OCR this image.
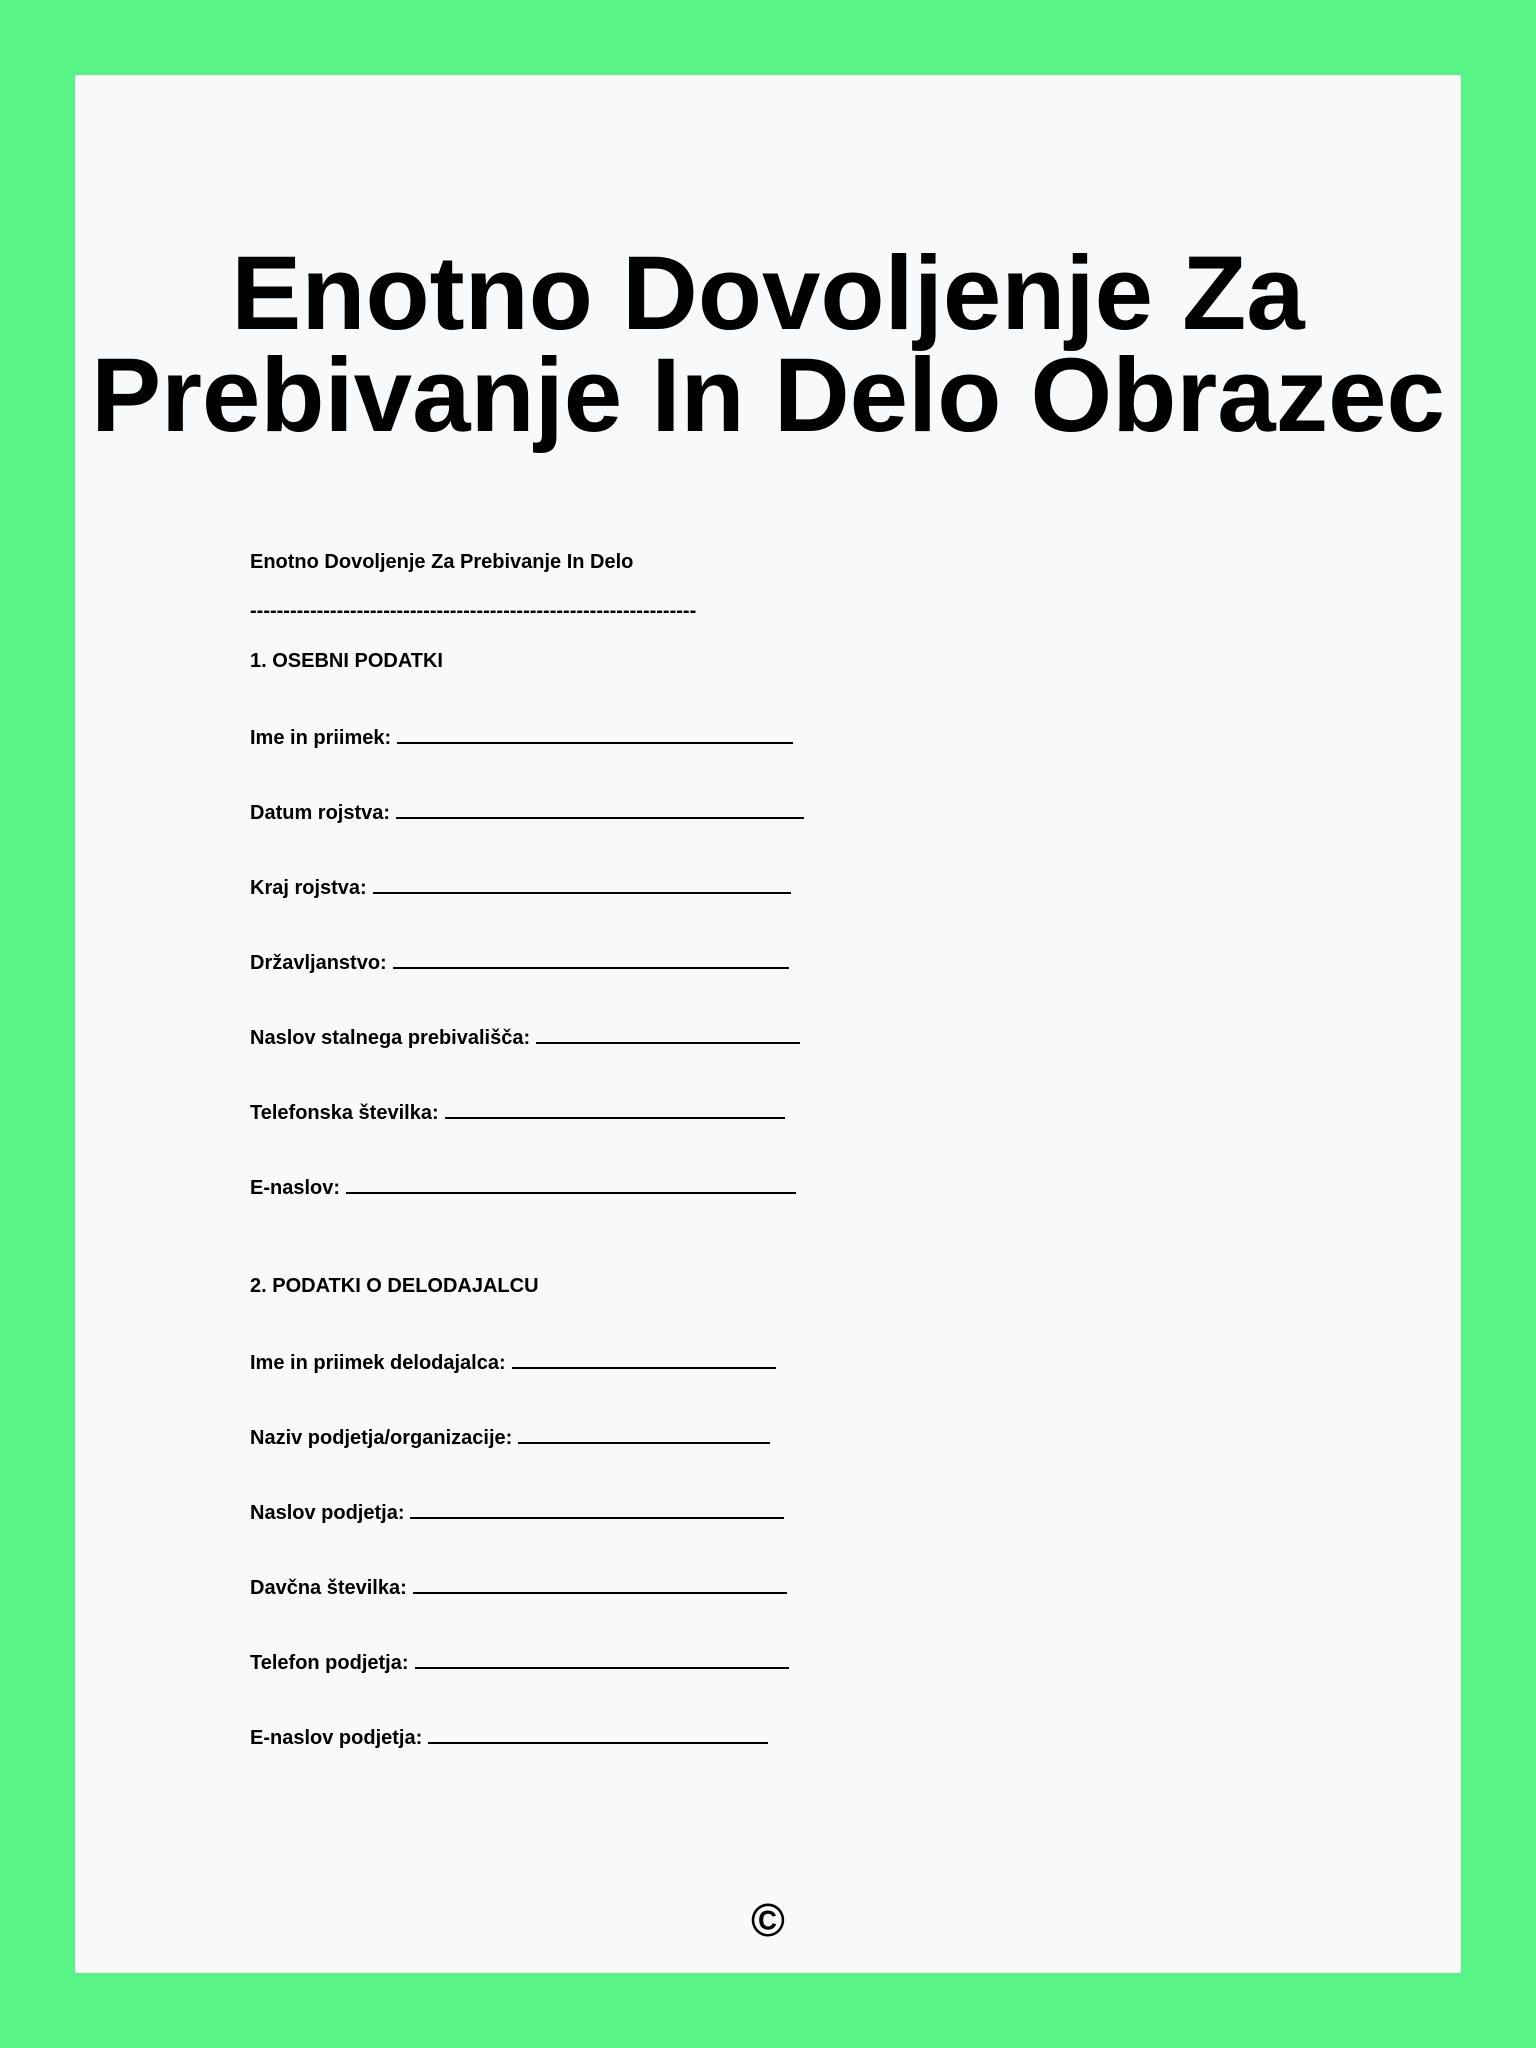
Enotno Dovoljenje Za Prebivanje In Delo Obrazec
Enotno Dovoljenje Za Prebivanje In Delo
-------------------------------------------------------------------
1. OSEBNI PODATKI
Ime in priimek:
Datum rojstva:
Kraj rojstva:
Državljanstvo:
Naslov stalnega prebivališča:
Telefonska številka:
E-naslov:
2. PODATKI O DELODAJALCU
Ime in priimek delodajalca:
Naziv podjetja/organizacije:
Naslov podjetja:
Davčna številka:
Telefon podjetja:
E-naslov podjetja:
©
